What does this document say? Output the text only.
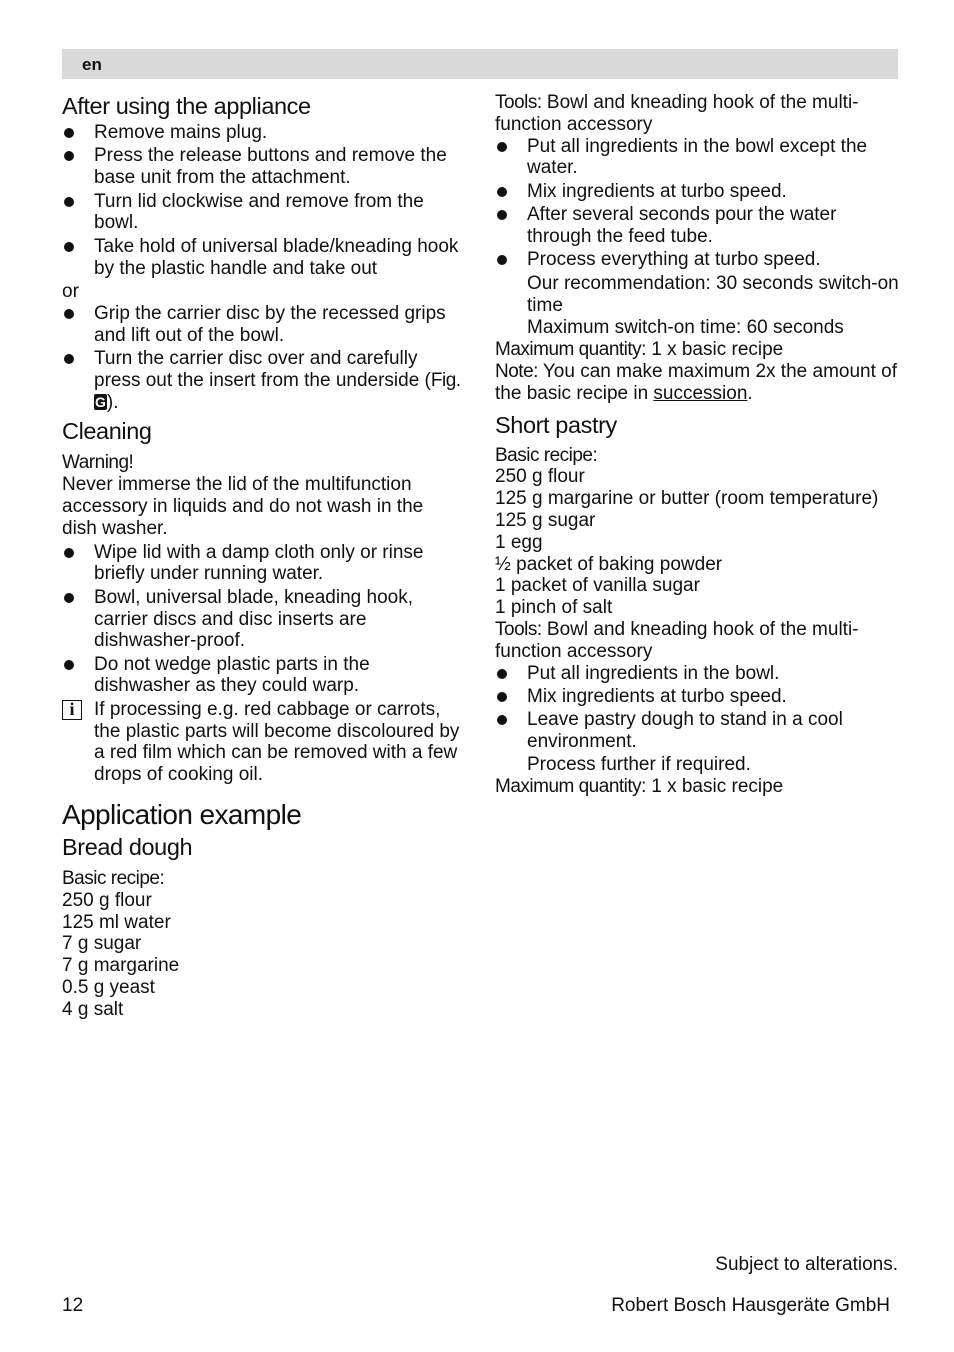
en
After using the appliance
Remove mains plug.
Press the release buttons and remove the base unit from the attachment.
Turn lid clockwise and remove from the bowl.
Take hold of universal blade/kneading hook by the plastic handle and take out

or

Grip the carrier disc by the recessed grips and lift out of the bowl.
Turn the carrier disc over and carefully press out the insert from the underside (Fig. G).
Cleaning

Warning!

Never immerse the lid of the multifunction accessory in liquids and do not wash in the dish washer.

Wipe lid with a damp cloth only or rinse briefly under running water.
Bowl, universal blade, kneading hook, carrier discs and disc inserts are dishwasher-proof.
Do not wedge plastic parts in the dishwasher as they could warp.
i	If processing e.g. red cabbage or carrots, the plastic parts will become discoloured by a red film which can be removed with a few drops of cooking oil.
Application example
Bread dough

Basic recipe:

250 g flour

125 ml water

7 g sugar

7 g margarine

0.5 g yeast

4 g salt

Tools: Bowl and kneading hook of the multi-function accessory

Put all ingredients in the bowl except the water.
Mix ingredients at turbo speed.
After several seconds pour the water through the feed tube.
Process everything at turbo speed.

Our recommendation: 30 seconds switch-on time

Maximum switch-on time: 60 seconds

Maximum quantity: 1 x basic recipe

Note: You can make maximum 2x the amount of the basic recipe in succession.

Short pastry

Basic recipe:

250 g flour

125 g margarine or butter (room temperature)

125 g sugar

1 egg

½ packet of baking powder

1 packet of vanilla sugar

1 pinch of salt

Tools: Bowl and kneading hook of the multi-function accessory

Put all ingredients in the bowl.
Mix ingredients at turbo speed.
Leave pastry dough to stand in a cool environment.

Process further if required.

Maximum quantity: 1 x basic recipe

Subject to alterations.
12	Robert Bosch Hausgeräte GmbH
